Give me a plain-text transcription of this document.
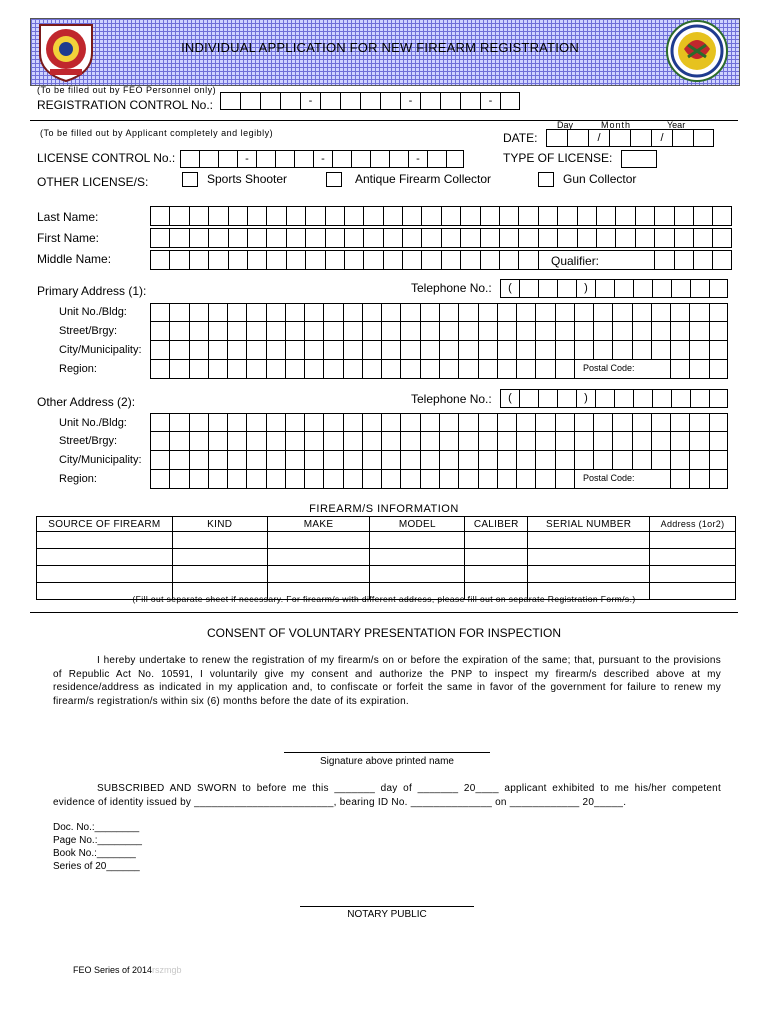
INDIVIDUAL APPLICATION FOR NEW FIREARM REGISTRATION
(To be filled out by FEO Personnel only)
REGISTRATION CONTROL No.:	-	-	-
(To be filled out by Applicant completely and legibly)
Day	Month	Year
DATE:	/	/
LICENSE CONTROL No.:	-	-	-	TYPE OF LICENSE:
OTHER LICENSE/S:	Sports Shooter	Antique Firearm Collector	Gun Collector
Last Name:
First Name:
Middle Name:	Qualifier:
Primary Address (1):	Telephone No.:	(	)
Unit No./Bldg:
Street/Brgy:
City/Municipality:
Region:	Postal Code:
Other Address (2):	Telephone No.:	(	)
Unit No./Bldg:
Street/Brgy:
City/Municipality:
Region:	Postal Code:
FIREARM/S INFORMATION
SOURCE OF FIREARM	KIND	MAKE	MODEL	CALIBER	SERIAL NUMBER	Address (1or2)

(Fill out separate sheet if necessary. For firearm/s with different address, please fill out on separate Registration Form/s.)
CONSENT OF VOLUNTARY PRESENTATION FOR INSPECTION
I hereby undertake to renew the registration of my firearm/s on or before the expiration of the same; that, pursuant to the provisions of Republic Act No. 10591, I voluntarily give my consent and authorize the PNP to inspect my firearm/s described above at my residence/address as indicated in my application and, to confiscate or forfeit the same in favor of the government for failure to renew my firearm/s registration/s within six (6) months before the date of its expiration.
Signature above printed name
SUBSCRIBED AND SWORN to before me this _______ day of _______ 20____ applicant exhibited to me his/her competent evidence of identity issued by ________________________, bearing ID No. ______________ on ____________ 20_____.
Doc. No.:________
Page No.:________
Book No.:_______
Series of 20______
NOTARY PUBLIC
FEO Series of 2014rszmgb
